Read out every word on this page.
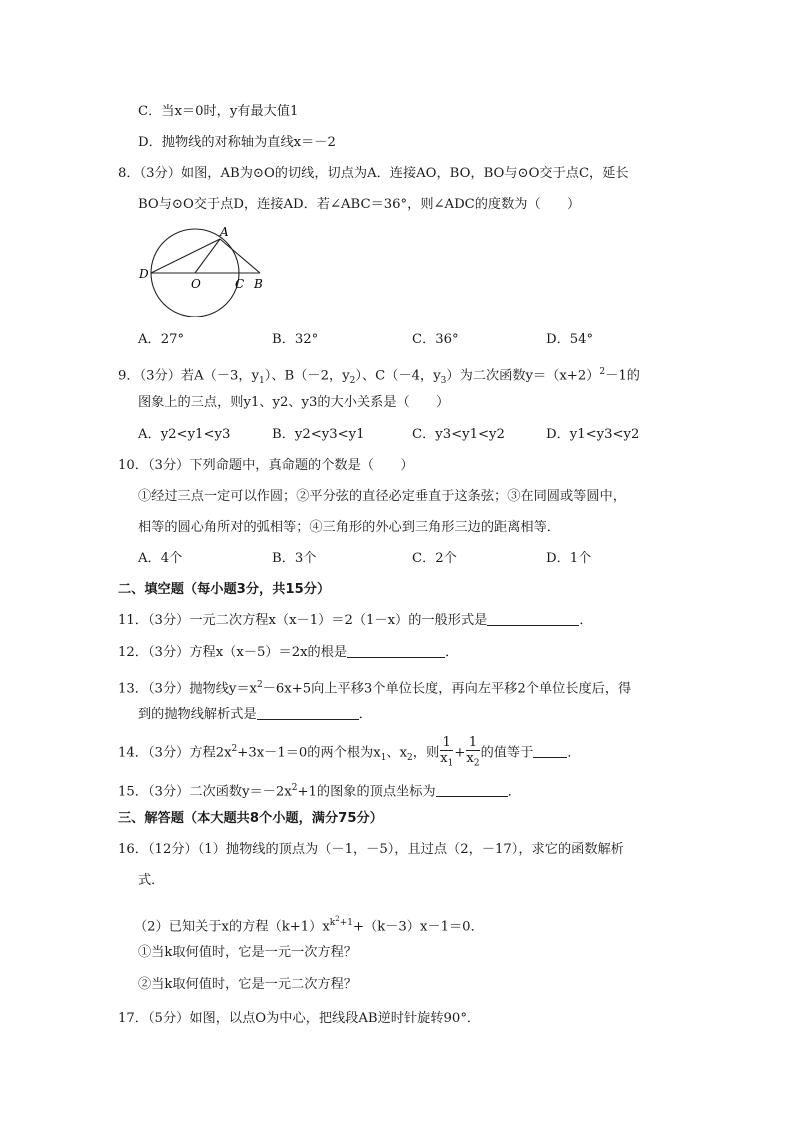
C．当x＝0时，y有最大值1
D．抛物线的对称轴为直线x＝－2
8．（3分）如图，AB为⊙O的切线，切点为A．连接AO，BO，BO与⊙O交于点C，延长
BO与⊙O交于点D，连接AD．若∠ABC＝36°，则∠ADC的度数为（　　）
A
D
O	C B
A．27°	B．32°	C．36°	D．54°
9．（3分）若A（－3，$y_1$）、B（－2，$y_2$）、C（－4，$y_3$）为二次函数$y=(x+2)^2-1$的
图象上的三点，则y1、y2、y3的大小关系是（　　）
A．y2<y1<y3	B．y2<y3<y1	C．y3<y1<y2	D．y1<y3<y2
10．（3分）下列命题中，真命题的个数是（　　）
①经过三点一定可以作圆；②平分弦的直径必定垂直于这条弦；③在同圆或等圆中，
相等的圆心角所对的弧相等；④三角形的外心到三角形三边的距离相等．
A．4个	B．3个	C．2个	D．1个
二、填空题（每小题3分，共15分）
11．（3分）一元二次方程x（x－1）＝2（1－x）的一般形式是	．
12．（3分）方程x（x－5）＝2x的根是	．
13．（3分）抛物线$y=x^2-6x+5$向上平移3个单位长度，再向左平移2个单位长度后，得
到的抛物线解析式是	．
14．（3分）方程$2x^2+3x-1=0$的两个根为$x_1$、$x_2$，则 $\frac{1}{x_1} + \frac{1}{x_2}$ 的值等于	．
15．（3分）二次函数$y=-2x^2+1$的图象的顶点坐标为	．
三、解答题（本大题共8个小题，满分75分）
16．（12分）（1）抛物线的顶点为（－1，－5），且过点（2，－17），求它的函数解析
式．
（2）已知关于x的方程$(k+1)x^{k^2+1}+(k-3)x-1=0$．
①当k取何值时，它是一元一次方程？
②当k取何值时，它是一元二次方程？
17．（5分）如图，以点O为中心，把线段AB逆时针旋转90°．
